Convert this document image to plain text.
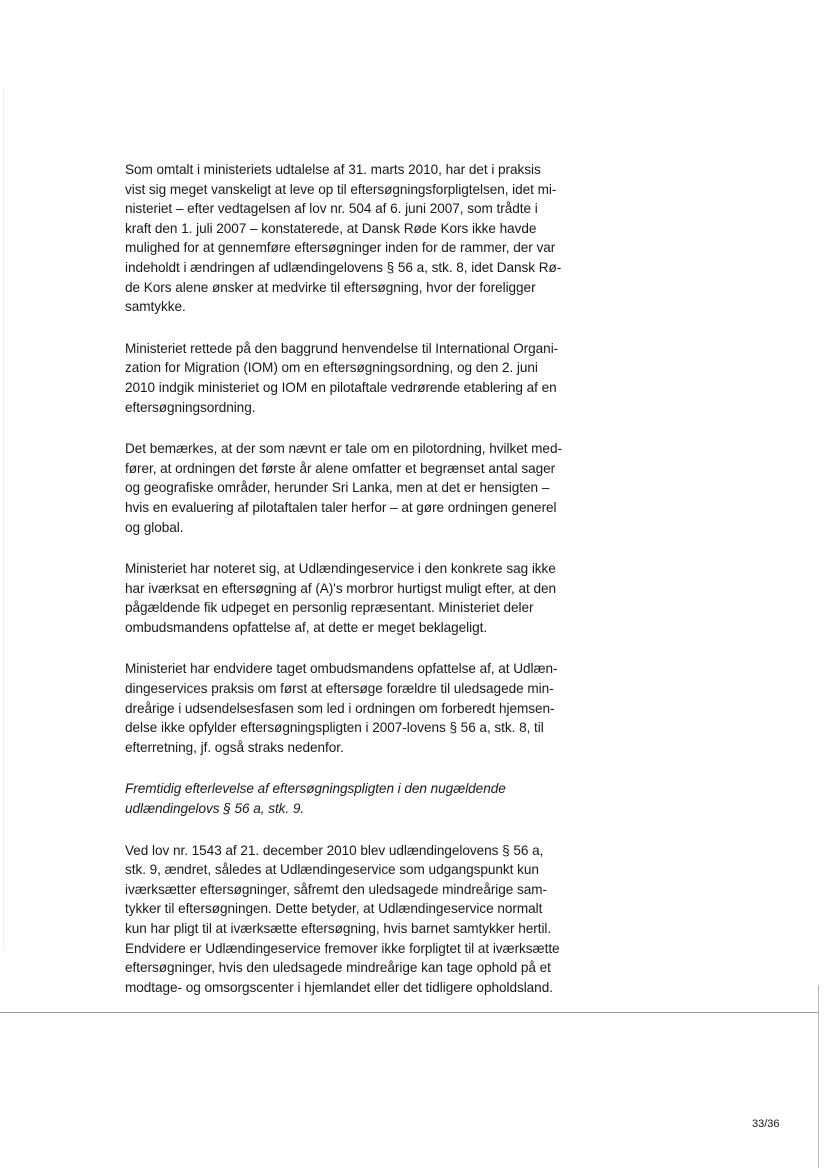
Som omtalt i ministeriets udtalelse af 31. marts 2010, har det i praksis
vist sig meget vanskeligt at leve op til eftersøgningsforpligtelsen, idet mi-
nisteriet – efter vedtagelsen af lov nr. 504 af 6. juni 2007, som trådte i
kraft den 1. juli 2007 – konstaterede, at Dansk Røde Kors ikke havde
mulighed for at gennemføre eftersøgninger inden for de rammer, der var
indeholdt i ændringen af udlændingelovens § 56 a, stk. 8, idet Dansk Rø-
de Kors alene ønsker at medvirke til eftersøgning, hvor der foreligger
samtykke.

Ministeriet rettede på den baggrund henvendelse til International Organi-
zation for Migration (IOM) om en eftersøgningsordning, og den 2. juni
2010 indgik ministeriet og IOM en pilotaftale vedrørende etablering af en
eftersøgningsordning.

Det bemærkes, at der som nævnt er tale om en pilotordning, hvilket med-
fører, at ordningen det første år alene omfatter et begrænset antal sager
og geografiske områder, herunder Sri Lanka, men at det er hensigten –
hvis en evaluering af pilotaftalen taler herfor – at gøre ordningen generel
og global.

Ministeriet har noteret sig, at Udlændingeservice i den konkrete sag ikke
har iværksat en eftersøgning af (A)'s morbror hurtigst muligt efter, at den
pågældende fik udpeget en personlig repræsentant. Ministeriet deler
ombudsmandens opfattelse af, at dette er meget beklageligt.

Ministeriet har endvidere taget ombudsmandens opfattelse af, at Udlæn-
dingeservices praksis om først at eftersøge forældre til uledsagede min-
dreårige i udsendelsesfasen som led i ordningen om forberedt hjemsen-
delse ikke opfylder eftersøgningspligten i 2007-lovens § 56 a, stk. 8, til
efterretning, jf. også straks nedenfor.

Fremtidig efterlevelse af eftersøgningspligten i den nugældende
udlændingelovs § 56 a, stk. 9.

Ved lov nr. 1543 af 21. december 2010 blev udlændingelovens § 56 a,
stk. 9, ændret, således at Udlændingeservice som udgangspunkt kun
iværksætter eftersøgninger, såfremt den uledsagede mindreårige sam-
tykker til eftersøgningen. Dette betyder, at Udlændingeservice normalt
kun har pligt til at iværksætte eftersøgning, hvis barnet samtykker hertil.
Endvidere er Udlændingeservice fremover ikke forpligtet til at iværksætte
eftersøgninger, hvis den uledsagede mindreårige kan tage ophold på et
modtage- og omsorgscenter i hjemlandet eller det tidligere opholdsland.

33/36
